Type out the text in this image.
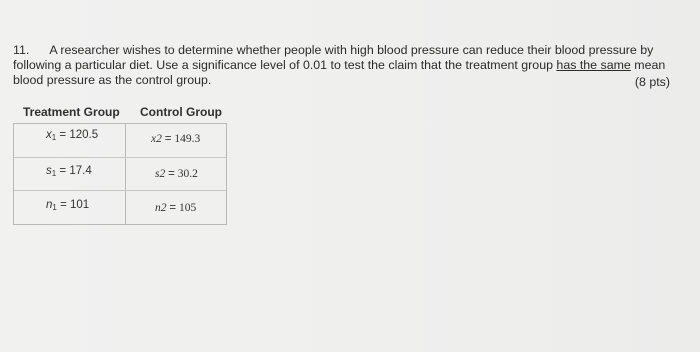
11. A researcher wishes to determine whether people with high blood pressure can reduce their blood pressure by
following a particular diet. Use a significance level of 0.01 to test the claim that the treatment group has the same mean
blood pressure as the control group.	(8 pts)
Treatment Group Control Group
$x_1 = 120.5$
$s_1 = 17.4$
$n_1 = 101$
x2 = 149.3
s2 = 30.2
n2 = 105
